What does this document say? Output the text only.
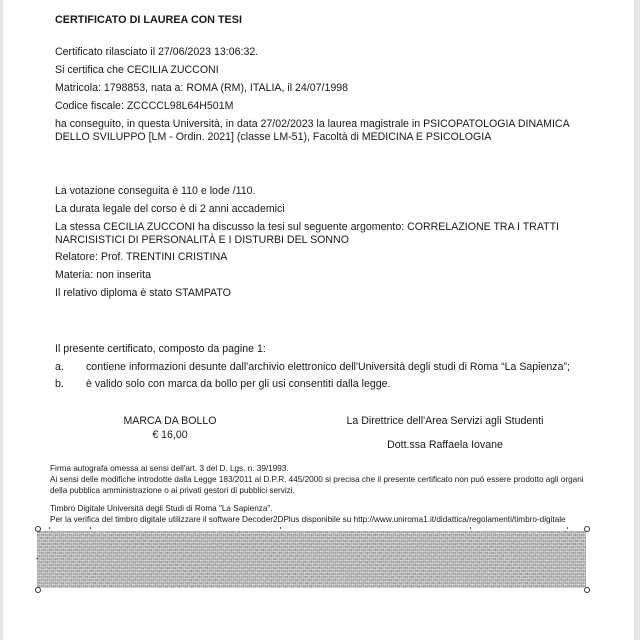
CERTIFICATO DI LAUREA CON TESI
Certificato rilasciato il 27/06/2023 13:06:32.
Si certifica che CECILIA ZUCCONI
Matricola: 1798853, nata a: ROMA (RM), ITALIA, il 24/07/1998
Codice fiscale: ZCCCCL98L64H501M
ha conseguito, in questa Università, in data 27/02/2023 la laurea magistrale in PSICOPATOLOGIA DINAMICA DELLO SVILUPPO [LM - Ordin. 2021] (classe LM-51), Facoltà di MEDICINA E PSICOLOGIA
La votazione conseguita è 110 e lode /110.
La durata legale del corso è di 2 anni accademici
La stessa CECILIA ZUCCONI ha discusso la tesi sul seguente argomento: CORRELAZIONE TRA I TRATTI NARCISISTICI DI PERSONALITÀ E I DISTURBI DEL SONNO
Relatore: Prof. TRENTINI CRISTINA
Materia: non inserita
Il relativo diploma è stato STAMPATO
Il presente certificato, composto da pagine 1:
a. contiene informazioni desunte dall'archivio elettronico dell'Università degli studi di Roma “La Sapienza”;
b. è valido solo con marca da bollo per gli usi consentiti dalla legge.
MARCA DA BOLLO
€ 16,00
La Direttrice dell'Area Servizi agli Studenti
Dott.ssa Raffaela Iovane
Firma autografa omessa ai sensi dell'art. 3 del D. Lgs. n. 39/1993.
Ai sensi delle modifiche introdotte dalla Legge 183/2011 al D.P.R. 445/2000 si precisa che il presente certificato non può essere prodotto agli organi della pubblica amministrazione o ai privati gestori di pubblici servizi.
Timbro Digitale Università degli Studi di Roma "La Sapienza".
Per la verifica del timbro digitale utilizzare il software Decoder2DPlus disponibile su http://www.uniroma1.it/didattica/regolamenti/timbro-digitale
